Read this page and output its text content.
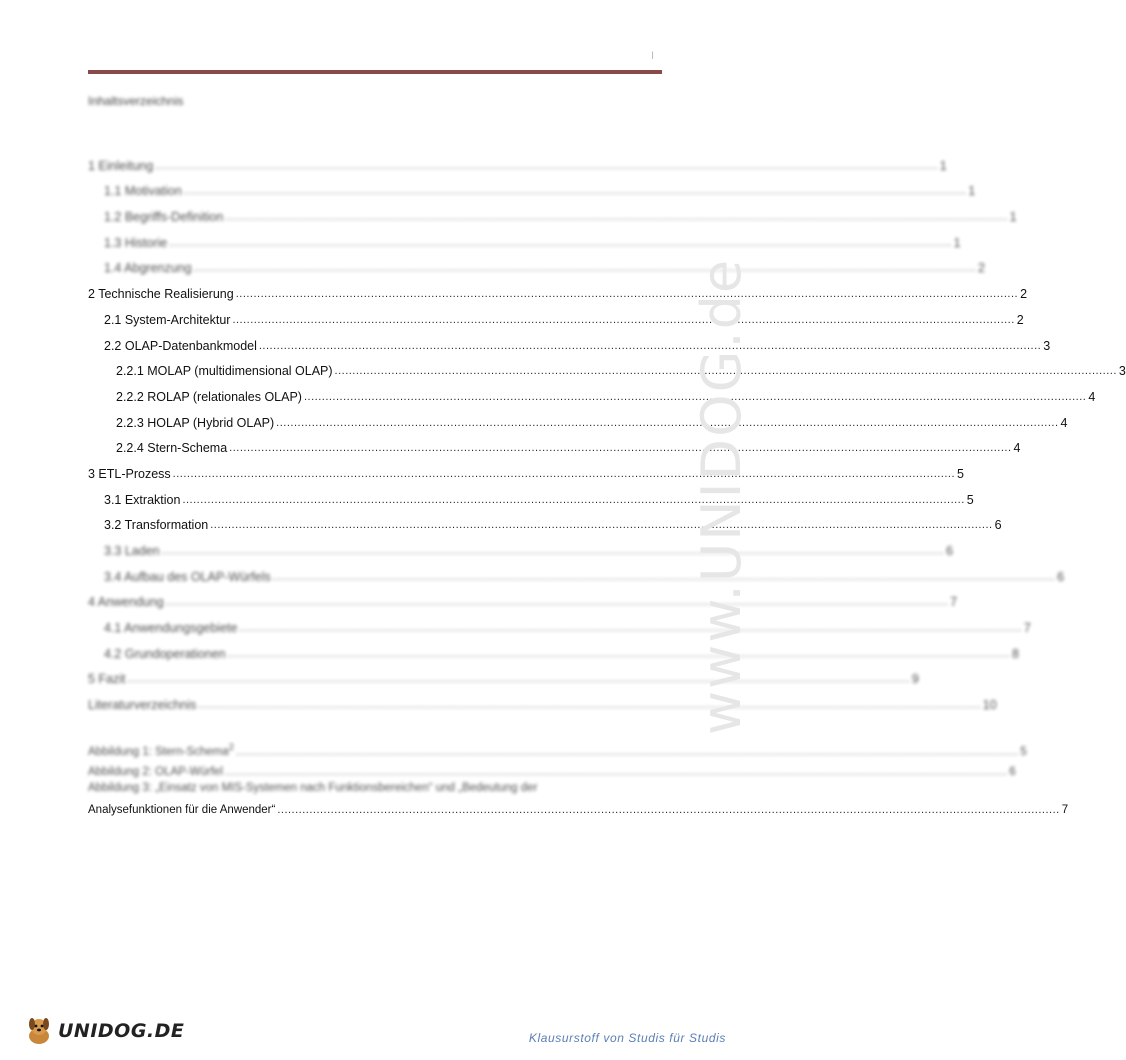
I
Inhaltsverzeichnis
1 Einleitung ............................................................................................................................................................................................................................ 1
1.1 Motivation ............................................................................................................................................................................................................................ 1
1.2 Begriffs-Definition ............................................................................................................................................................................................................................ 1
1.3 Historie ............................................................................................................................................................................................................................ 1
1.4 Abgrenzung ............................................................................................................................................................................................................................ 2
2 Technische Realisierung ............................................................................................................................................................................................................................ 2
2.1 System-Architektur ............................................................................................................................................................................................................................ 2
2.2 OLAP-Datenbankmodel ............................................................................................................................................................................................................................ 3
2.2.1 MOLAP (multidimensional OLAP) ............................................................................................................................................................................................................................ 3
2.2.2 ROLAP (relationales OLAP) ............................................................................................................................................................................................................................ 4
2.2.3 HOLAP (Hybrid OLAP) ............................................................................................................................................................................................................................ 4
2.2.4 Stern-Schema ............................................................................................................................................................................................................................ 4
3 ETL-Prozess ............................................................................................................................................................................................................................ 5
3.1 Extraktion ............................................................................................................................................................................................................................ 5
3.2 Transformation ............................................................................................................................................................................................................................ 6
3.3 Laden ............................................................................................................................................................................................................................ 6
3.4 Aufbau des OLAP-Würfels ............................................................................................................................................................................................................................ 6
4 Anwendung ............................................................................................................................................................................................................................ 7
4.1 Anwendungsgebiete ............................................................................................................................................................................................................................ 7
4.2 Grundoperationen ............................................................................................................................................................................................................................ 8
5 Fazit ............................................................................................................................................................................................................................ 9
Literaturverzeichnis ............................................................................................................................................................................................................................ 10
Abbildung 1: Stern-Schema$^2$ ............................................................................................................................................................................................................................ 5
Abbildung 2: OLAP-Würfel ............................................................................................................................................................................................................................ 6
Abbildung 3: „Einsatz von MIS-Systemen nach Funktionsbereichen“ und „Bedeutung der
Analysefunktionen für die Anwender“ ............................................................................................................................................................................................................................ 7
www.UNIDOG.de
UNIDOG.DE	Klausurstoff von Studis für Studis
